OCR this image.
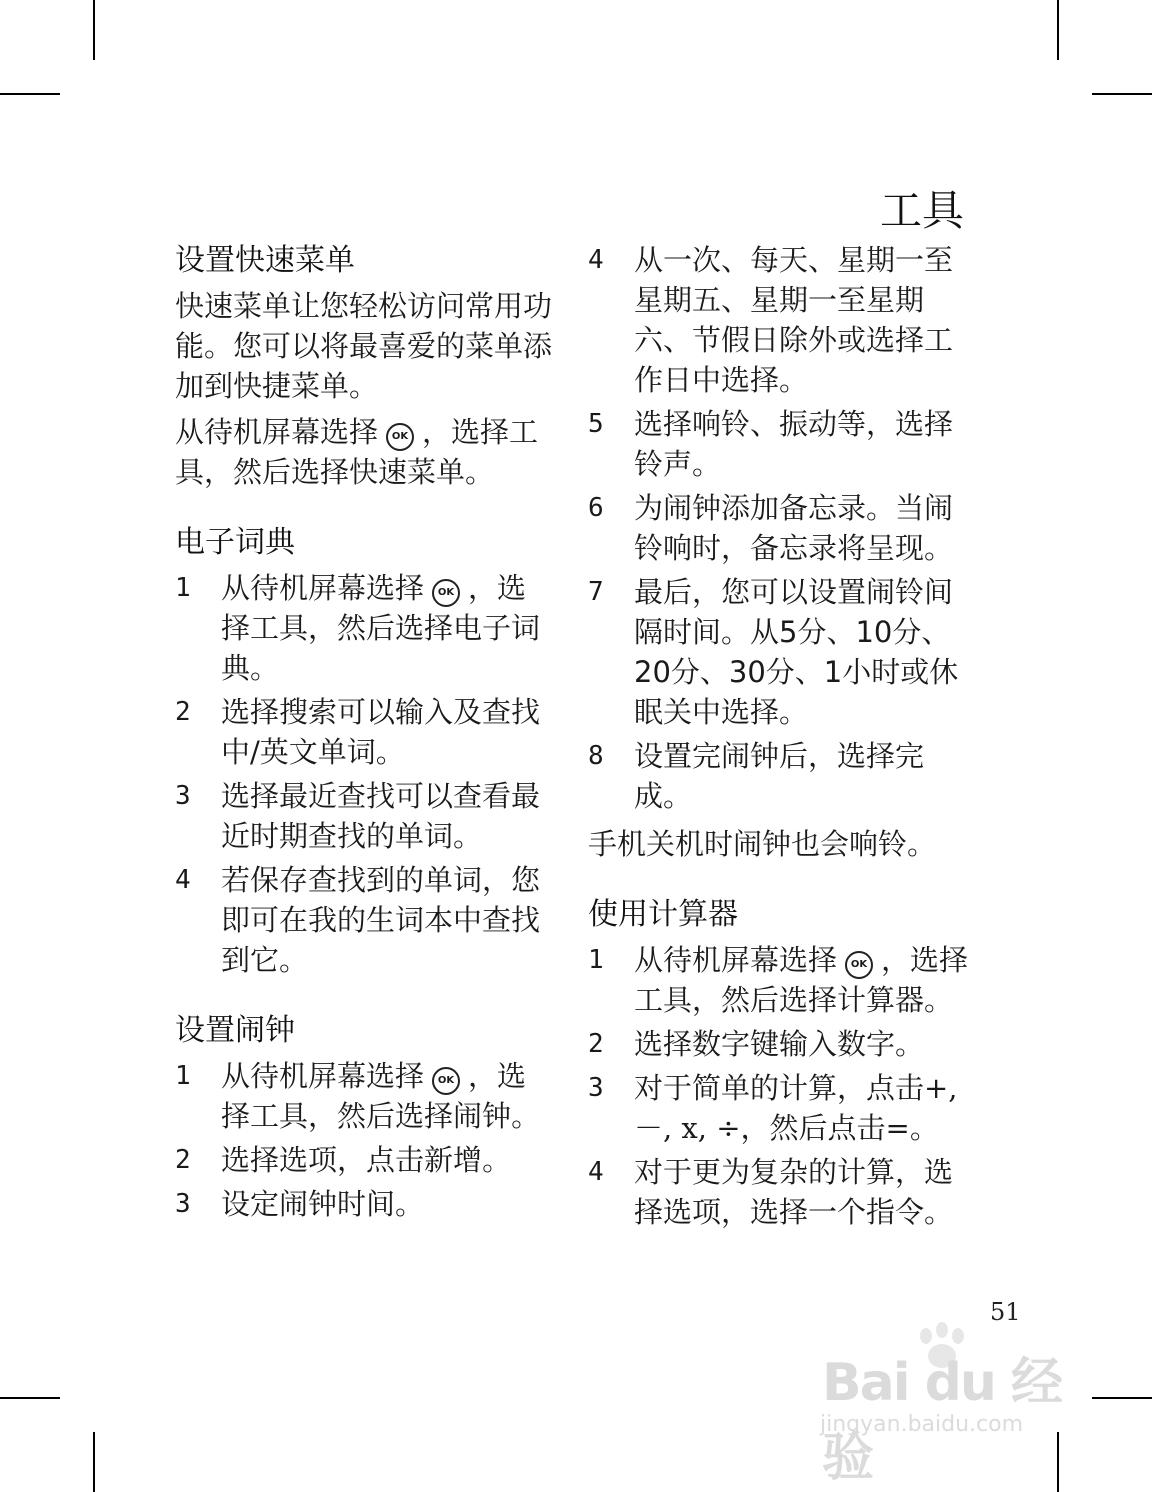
工具
设置快速菜单

快速菜单让您轻松访问常用功能。您可以将最喜爱的菜单添加到快捷菜单。

从待机屏幕选择 OK ，选择工具，然后选择快速菜单。

电子词典
1	从待机屏幕选择 OK ，选择工具，然后选择电子词典。
2	选择搜索可以输入及查找中/英文单词。
3	选择最近查找可以查看最近时期查找的单词。
4	若保存查找到的单词，您即可在我的生词本中查找到它。
设置闹钟
1	从待机屏幕选择 OK ，选择工具，然后选择闹钟。
2	选择选项，点击新增。
3	设定闹钟时间。
4	从一次、每天、星期一至星期五、星期一至星期六、节假日除外或选择工作日中选择。
5	选择响铃、振动等，选择铃声。
6	为闹钟添加备忘录。当闹铃响时，备忘录将呈现。
7	最后，您可以设置闹铃间隔时间。从5分、10分、20分、30分、1小时或休眠关中选择。
8	设置完闹钟后，选择完成。

手机关机时闹钟也会响铃。

使用计算器
1	从待机屏幕选择 OK ，选择工具，然后选择计算器。
2	选择数字键输入数字。
3	对于简单的计算，点击+, －, x, ÷，然后点击=。
4	对于更为复杂的计算，选择选项，选择一个指令。
51
Bai du 经验
jingyan.baidu.com
